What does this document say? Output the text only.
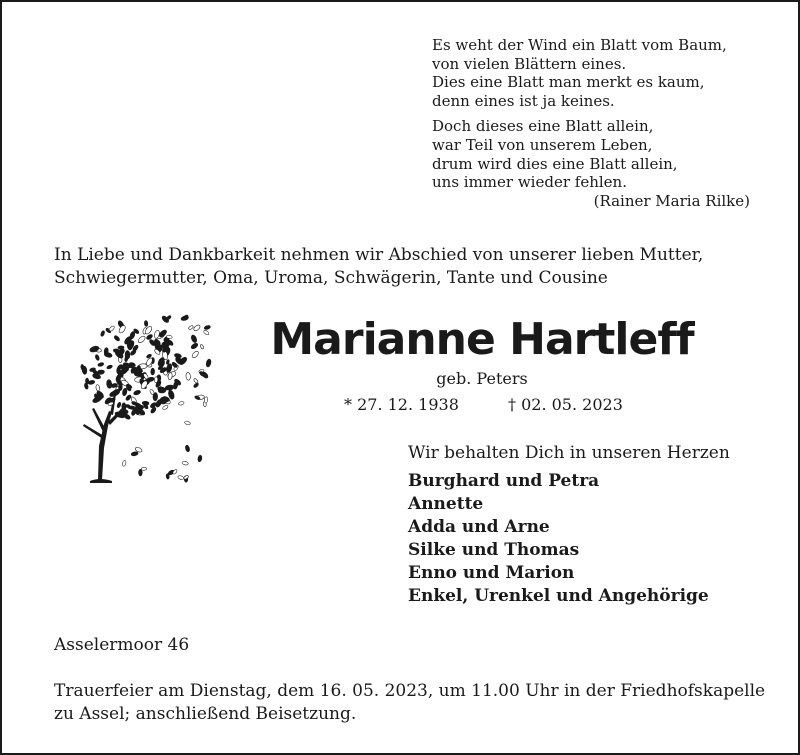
Es weht der Wind ein Blatt vom Baum,
von vielen Blättern eines.
Dies eine Blatt man merkt es kaum,
denn eines ist ja keines.
Doch dieses eine Blatt allein,
war Teil von unserem Leben,
drum wird dies eine Blatt allein,
uns immer wieder fehlen.
(Rainer Maria Rilke)
In Liebe und Dankbarkeit nehmen wir Abschied von unserer lieben Mutter,
Schwiegermutter, Oma, Uroma, Schwägerin, Tante und Cousine
Marianne Hartleff
geb. Peters
* 27. 12. 1938	† 02. 05. 2023
Wir behalten Dich in unseren Herzen
Burghard und Petra
Annette
Adda und Arne
Silke und Thomas
Enno und Marion
Enkel, Urenkel und Angehörige
Asselermoor 46
Trauerfeier am Dienstag, dem 16. 05. 2023, um 11.00 Uhr in der Friedhofskapelle
zu Assel; anschließend Beisetzung.
